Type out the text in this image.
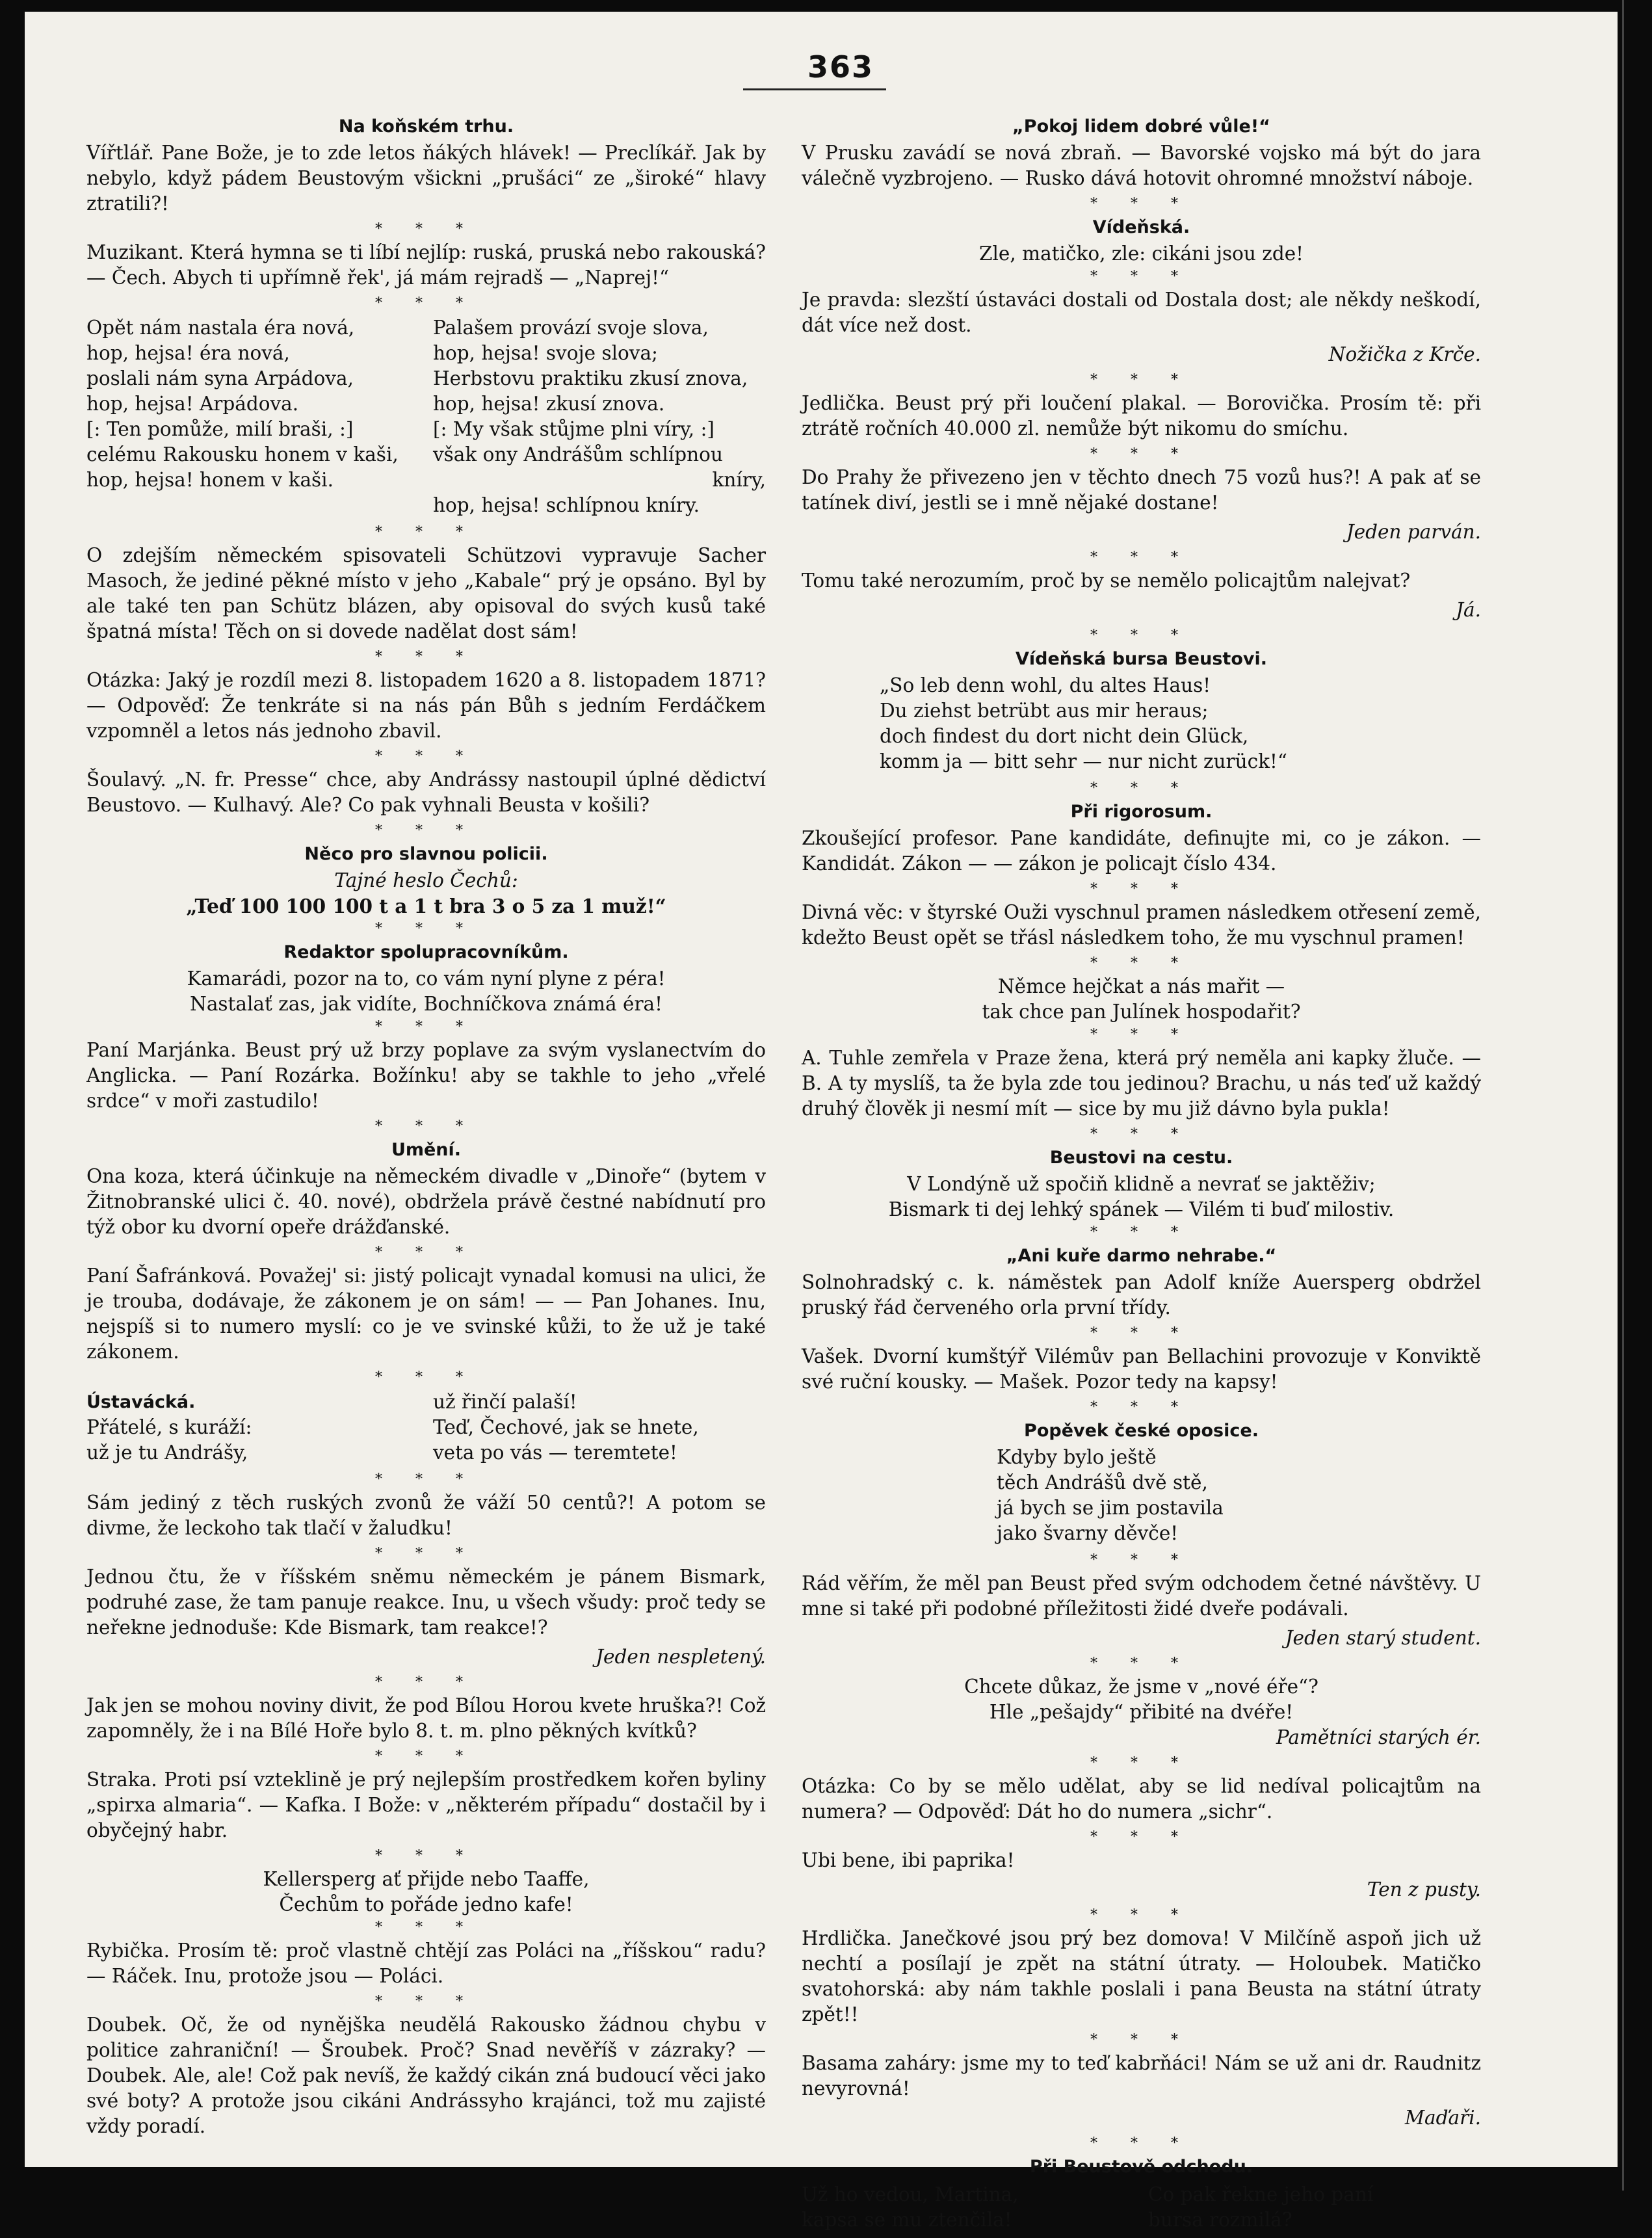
363
Na koňském trhu.

Vířtlář. Pane Bože, je to zde letos ňákých hlávek! — Preclíkář. Jak by nebylo, když pádem Beustovým všickni „prušáci“ ze „široké“ hlavy ztratili?!

* * *

Muzikant. Která hymna se ti líbí nejlíp: ruská, pruská nebo rakouská? — Čech. Abych ti upřímně řek', já mám rejradš — „Naprej!“

* * *

Opět nám nastala éra nová,

hop, hejsa! éra nová,

poslali nám syna Arpádova,

hop, hejsa! Arpádova.

[: Ten pomůže, milí braši, :]

celému Rakousku honem v kaši,

hop, hejsa! honem v kaši.

Palašem provází svoje slova,

hop, hejsa! svoje slova;

Herbstovu praktiku zkusí znova,

hop, hejsa! zkusí znova.

[: My však stůjme plni víry, :]

však ony Andrášům schlípnou

kníry,

hop, hejsa! schlípnou kníry.

* * *

O zdejším německém spisovateli Schützovi vypravuje Sacher Masoch, že jediné pěkné místo v jeho „Kabale“ prý je opsáno. Byl by ale také ten pan Schütz blázen, aby opisoval do svých kusů také špatná místa! Těch on si dovede nadělat dost sám!

* * *

Otázka: Jaký je rozdíl mezi 8. listopadem 1620 a 8. listopadem 1871? — Odpověď: Že tenkráte si na nás pán Bůh s jedním Ferdáčkem vzpomněl a letos nás jednoho zbavil.

* * *

Šoulavý. „N. fr. Presse“ chce, aby Andrássy nastoupil úplné dědictví Beustovo. — Kulhavý. Ale? Co pak vyhnali Beusta v košili?

* * *
Něco pro slavnou policii.

Tajné heslo Čechů:

„Teď 100 100 100 t a 1 t bra 3 o 5 za 1 muž!“

* * *
Redaktor spolupracovníkům.

Kamarádi, pozor na to, co vám nyní plyne z péra!

Nastalať zas, jak vidíte, Bochníčkova známá éra!

* * *

Paní Marjánka. Beust prý už brzy poplave za svým vyslanectvím do Anglicka. — Paní Rozárka. Božínku! aby se takhle to jeho „vřelé srdce“ v moři zastudilo!

* * *
Umění.

Ona koza, která účinkuje na německém divadle v „Dinoře“ (bytem v Žitnobranské ulici č. 40. nové), obdržela právě čestné nabídnutí pro týž obor ku dvorní opeře drážďanské.

* * *

Paní Šafránková. Považej' si: jistý policajt vynadal komusi na ulici, že je trouba, dodávaje, že zákonem je on sám! — — Pan Johanes. Inu, nejspíš si to numero myslí: co je ve svinské kůži, to že už je také zákonem.

* * *

Ústavácká.

Přátelé, s kuráží:

už je tu Andrášy,

už řinčí palaší!

Teď, Čechové, jak se hnete,

veta po vás — teremtete!

* * *

Sám jediný z těch ruských zvonů že váží 50 centů?! A potom se divme, že leckoho tak tlačí v žaludku!

* * *

Jednou čtu, že v říšském sněmu německém je pánem Bismark, podruhé zase, že tam panuje reakce. Inu, u všech všudy: proč tedy se neřekne jednoduše: Kde Bismark, tam reakce!?

Jeden nespletený.

* * *

Jak jen se mohou noviny divit, že pod Bílou Horou kvete hruška?! Což zapomněly, že i na Bílé Hoře bylo 8. t. m. plno pěkných kvítků?

* * *

Straka. Proti psí vzteklině je prý nejlepším prostředkem kořen byliny „spirxa almaria“. — Kafka. I Bože: v „některém případu“ dostačil by i obyčejný habr.

* * *

Kellersperg ať přijde nebo Taaffe,

Čechům to pořáde jedno kafe!

* * *

Rybička. Prosím tě: proč vlastně chtějí zas Poláci na „říšskou“ radu? — Ráček. Inu, protože jsou — Poláci.

* * *

Doubek. Oč, že od nynějška neudělá Rakousko žádnou chybu v politice zahraniční! — Šroubek. Proč? Snad nevěříš v zázraky? — Doubek. Ale, ale! Což pak nevíš, že každý cikán zná budoucí věci jako své boty? A protože jsou cikáni Andrássyho krajánci, tož mu zajisté vždy poradí.

„Pokoj lidem dobré vůle!“

V Prusku zavádí se nová zbraň. — Bavorské vojsko má být do jara válečně vyzbrojeno. — Rusko dává hotovit ohromné množství náboje.

* * *
Vídeňská.

Zle, matičko, zle: cikáni jsou zde!

* * *

Je pravda: slezští ústaváci dostali od Dostala dost; ale někdy neškodí, dát více než dost.

Nožička z Krče.

* * *

Jedlička. Beust prý při loučení plakal. — Borovička. Prosím tě: při ztrátě ročních 40.000 zl. nemůže být nikomu do smíchu.

* * *

Do Prahy že přivezeno jen v těchto dnech 75 vozů hus?! A pak ať se tatínek diví, jestli se i mně nějaké dostane!

Jeden parván.

* * *

Tomu také nerozumím, proč by se nemělo policajtům nalejvat?

Já.

* * *
Vídeňská bursa Beustovi.

„So leb denn wohl, du altes Haus!

Du ziehst betrübt aus mir heraus;

doch findest du dort nicht dein Glück,

komm ja — bitt sehr — nur nicht zurück!“

* * *
Při rigorosum.

Zkoušející profesor. Pane kandidáte, definujte mi, co je zákon. — Kandidát. Zákon — — zákon je policajt číslo 434.

* * *

Divná věc: v štyrské Ouži vyschnul pramen následkem otřesení země, kdežto Beust opět se třásl následkem toho, že mu vyschnul pramen!

* * *

Němce hejčkat a nás mařit —

tak chce pan Julínek hospodařit?

* * *

A. Tuhle zemřela v Praze žena, která prý neměla ani kapky žluče. — B. A ty myslíš, ta že byla zde tou jedinou? Brachu, u nás teď už každý druhý člověk ji nesmí mít — sice by mu již dávno byla pukla!

* * *
Beustovi na cestu.

V Londýně už spočiň klidně a nevrať se jaktěživ;

Bismark ti dej lehký spánek — Vilém ti buď milostiv.

* * *
„Ani kuře darmo nehrabe.“

Solnohradský c. k. náměstek pan Adolf kníže Auersperg obdržel pruský řád červeného orla první třídy.

* * *

Vašek. Dvorní kumštýř Vilémův pan Bellachini provozuje v Konviktě své ruční kousky. — Mašek. Pozor tedy na kapsy!

* * *
Popěvek české oposice.

Kdyby bylo ještě

těch Andrášů dvě stě,

já bych se jim postavila

jako švarny děvče!

* * *

Rád věřím, že měl pan Beust před svým odchodem četné návštěvy. U mne si také při podobné příležitosti židé dveře podávali.

Jeden starý student.

* * *

Chcete důkaz, že jsme v „nové éře“?

Hle „pešajdy“ přibité na dvéře!

Pamětníci starých ér.

* * *

Otázka: Co by se mělo udělat, aby se lid nedíval policajtům na numera? — Odpověď: Dát ho do numera „sichr“.

* * *

Ubi bene, ibi paprika!

Ten z pusty.

* * *

Hrdlička. Janečkové jsou prý bez domova! V Milčíně aspoň jich už nechtí a posílají je zpět na státní útraty. — Holoubek. Matičko svatohorská: aby nám takhle poslali i pana Beusta na státní útraty zpět!!

* * *

Basama zaháry: jsme my to teď kabrňáci! Nám se už ani dr. Raudnitz nevyrovná!

Maďaři.

* * *
Při Beustově odchodu.

Už ho vedou, Martina,

kapsa se mu ztenčila!

Co pak řekne jeho paní

bursa rozmilá?
